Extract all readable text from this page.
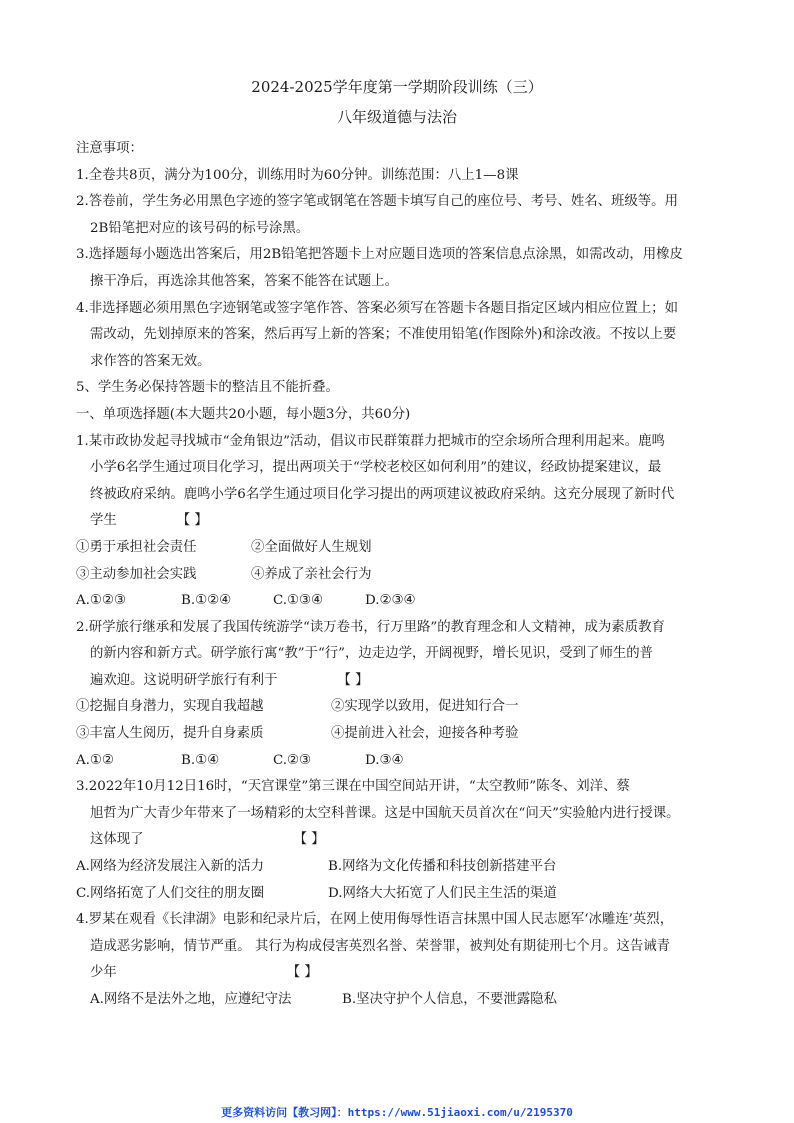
2024-2025学年度第一学期阶段训练（三）
八年级道德与法治
注意事项：
1.全卷共8页，满分为100分，训练用时为60分钟。训练范围：八上1—8课
2.答卷前，学生务必用黑色字迹的签字笔或钢笔在答题卡填写自己的座位号、考号、姓名、班级等。用
2B铅笔把对应的该号码的标号涂黑。
3.选择题每小题选出答案后，用2B铅笔把答题卡上对应题目选项的答案信息点涂黑，如需改动，用橡皮
擦干净后，再选涂其他答案，答案不能答在试题上。
4.非选择题必须用黑色字迹钢笔或签字笔作答、答案必须写在答题卡各题目指定区域内相应位置上；如
需改动，先划掉原来的答案，然后再写上新的答案；不准使用铅笔(作图除外)和涂改液。不按以上要
求作答的答案无效。
5、学生务必保持答题卡的整洁且不能折叠。
一、单项选择题(本大题共20小题，每小题3分，共60分)
1.某市政协发起寻找城市“金角银边”活动，倡议市民群策群力把城市的空余场所合理利用起来。鹿鸣
小学6名学生通过项目化学习，提出两项关于“学校老校区如何利用”的建议，经政协提案建议，最
终被政府采纳。鹿鸣小学6名学生通过项目化学习提出的两项建议被政府采纳。这充分展现了新时代
学生	【 】
①勇于承担社会责任	②全面做好人生规划
③主动参加社会实践	④养成了亲社会行为
A.①②③	B.①②④	C.①③④	D.②③④
2.研学旅行继承和发展了我国传统游学“读万卷书，行万里路”的教育理念和人文精神，成为素质教育
的新内容和新方式。研学旅行寓“教”于“行”，边走边学，开阔视野，增长见识，受到了师生的普
遍欢迎。这说明研学旅行有利于	【 】
①挖掘自身潜力，实现自我超越	②实现学以致用，促进知行合一
③丰富人生阅历，提升自身素质	④提前进入社会，迎接各种考验
A.①②	B.①④	C.②③	D.③④
3.2022年10月12日16时，“天宫课堂”第三课在中国空间站开讲，“太空教师”陈冬、刘洋、蔡
旭哲为广大青少年带来了一场精彩的太空科普课。这是中国航天员首次在“问天”实验舱内进行授课。
这体现了	【 】
A.网络为经济发展注入新的活力	B.网络为文化传播和科技创新搭建平台
C.网络拓宽了人们交往的朋友圈	D.网络大大拓宽了人们民主生活的渠道
4.罗某在观看《长津湖》电影和纪录片后，在网上使用侮辱性语言抹黑中国人民志愿军‘冰雕连’英烈，
造成恶劣影响，情节严重。 其行为构成侵害英烈名誉、荣誉罪，被判处有期徒刑七个月。这告诫青
少年	【 】
A.网络不是法外之地，应遵纪守法	B.坚决守护个人信息，不要泄露隐私
更多资料访问【教习网】：https://www.51jiaoxi.com/u/2195370
